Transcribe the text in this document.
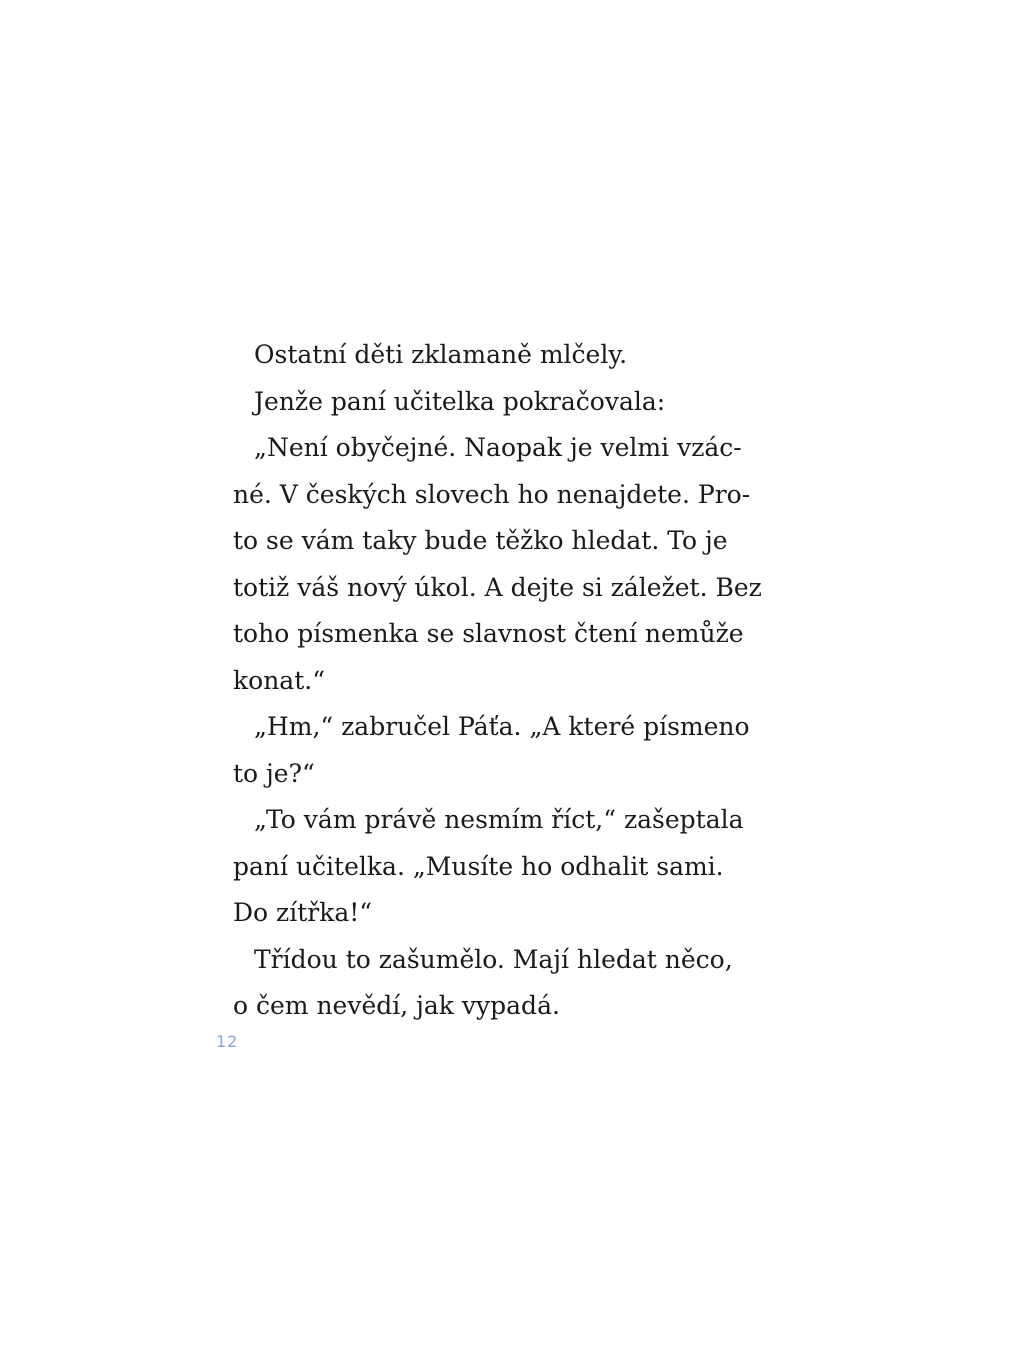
Ostatní děti zklamaně mlčely.

Jenže paní učitelka pokračovala:

„Není obyčejné. Naopak je velmi vzác-

né. V českých slovech ho nenajdete. Pro-

to se vám taky bude těžko hledat. To je

totiž váš nový úkol. A dejte si záležet. Bez

toho písmenka se slavnost čtení nemůže

konat.“

„Hm,“ zabručel Páťa. „A které písmeno

to je?“

„To vám právě nesmím říct,“ zašeptala

paní učitelka. „Musíte ho odhalit sami.

Do zítřka!“

Třídou to zašumělo. Mají hledat něco,

o čem nevědí, jak vypadá.

12
